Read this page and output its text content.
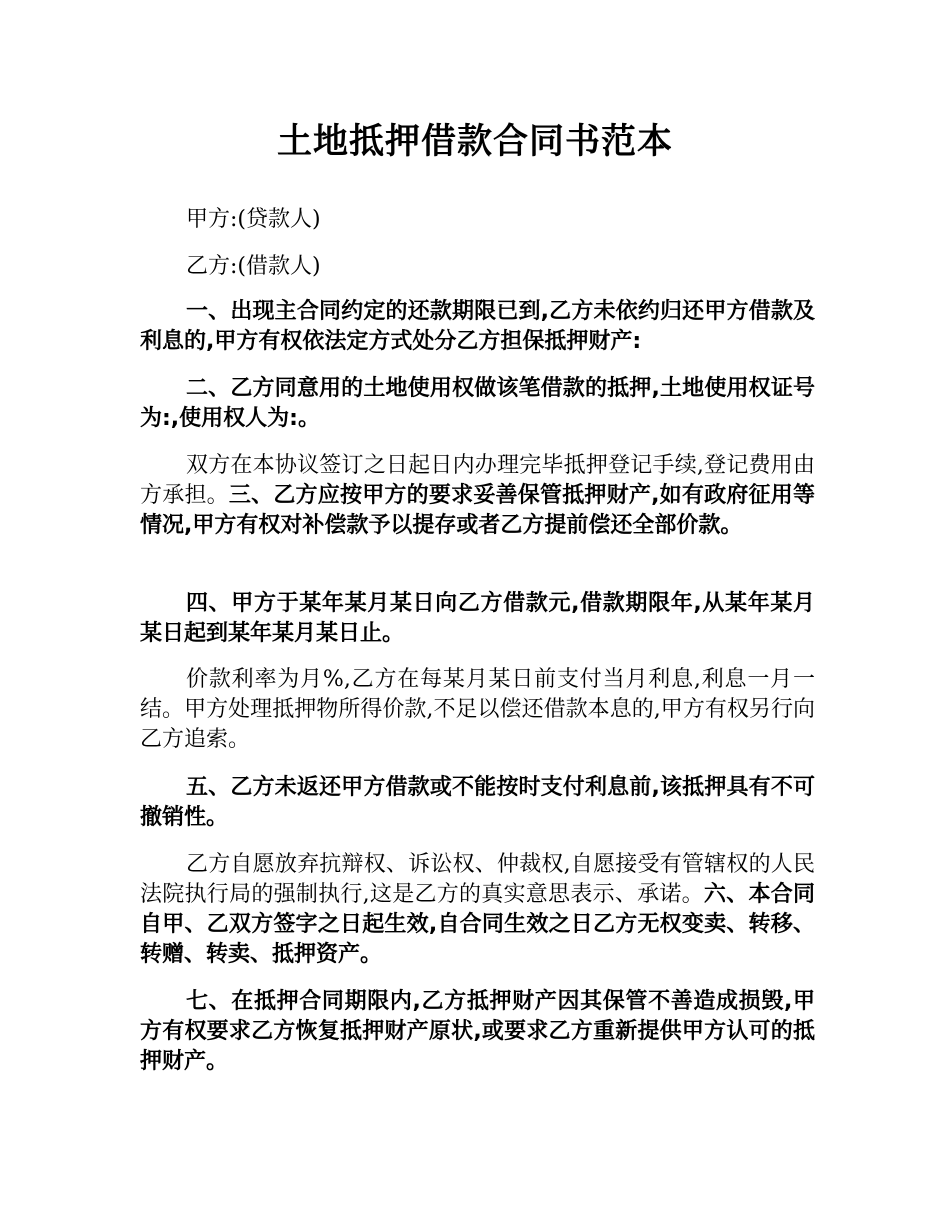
土地抵押借款合同书范本

甲方:(贷款人)

乙方:(借款人)

一、出现主合同约定的还款期限已到,乙方未依约归还甲方借款及利息的,甲方有权依法定方式处分乙方担保抵押财产:

二、乙方同意用的土地使用权做该笔借款的抵押,土地使用权证号为:,使用权人为:。

双方在本协议签订之日起日内办理完毕抵押登记手续,登记费用由方承担。三、乙方应按甲方的要求妥善保管抵押财产,如有政府征用等情况,甲方有权对补偿款予以提存或者乙方提前偿还全部价款。

四、甲方于某年某月某日向乙方借款元,借款期限年,从某年某月某日起到某年某月某日止。

价款利率为月%,乙方在每某月某日前支付当月利息,利息一月一结。甲方处理抵押物所得价款,不足以偿还借款本息的,甲方有权另行向乙方追索。

五、乙方未返还甲方借款或不能按时支付利息前,该抵押具有不可撤销性。

乙方自愿放弃抗辩权、诉讼权、仲裁权,自愿接受有管辖权的人民法院执行局的强制执行,这是乙方的真实意思表示、承诺。六、本合同自甲、乙双方签字之日起生效,自合同生效之日乙方无权变卖、转移、转赠、转卖、抵押资产。

七、在抵押合同期限内,乙方抵押财产因其保管不善造成损毁,甲方有权要求乙方恢复抵押财产原状,或要求乙方重新提供甲方认可的抵押财产。
